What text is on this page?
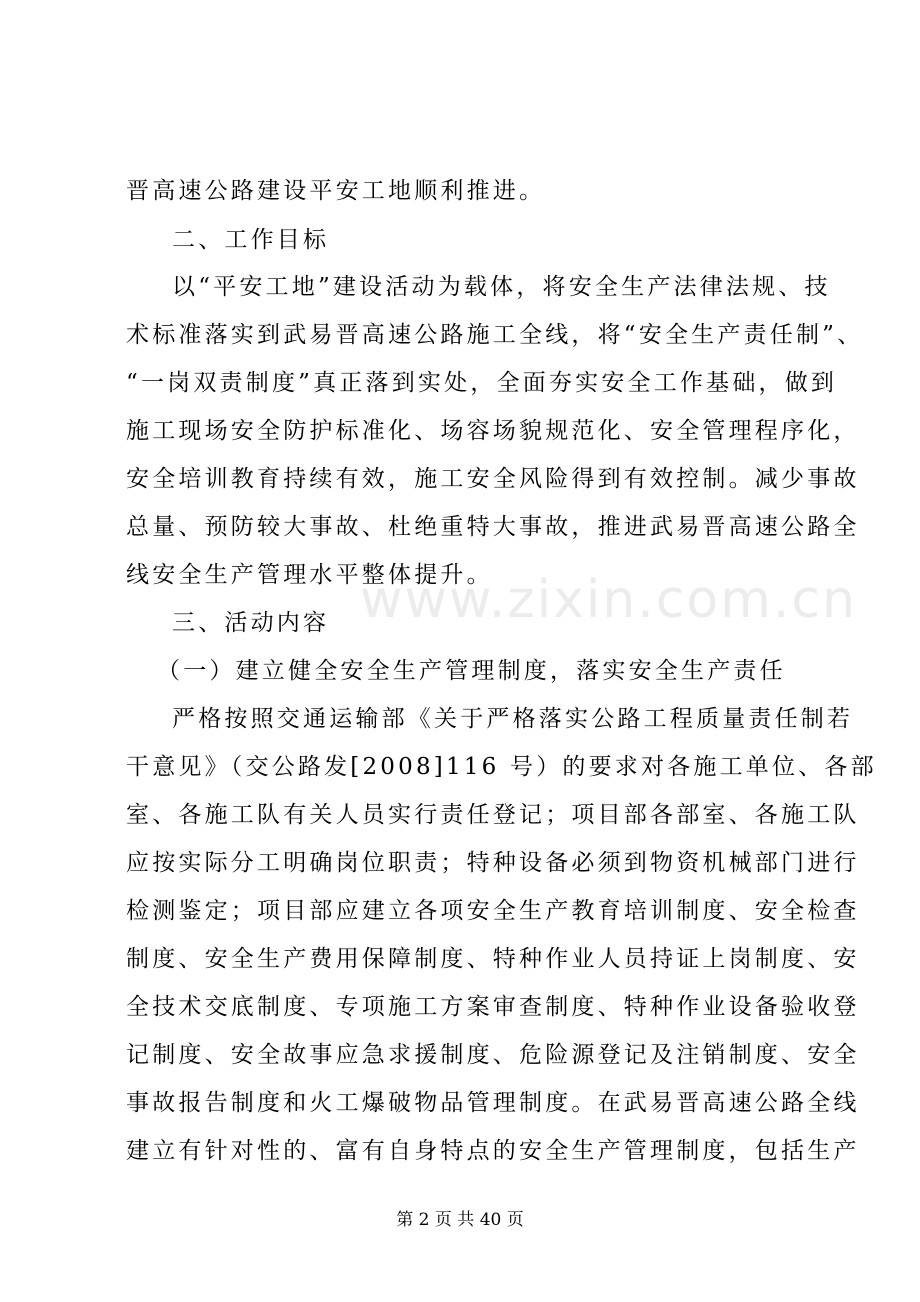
www.zixin.com.cn
晋高速公路建设平安工地顺利推进。
二、工作目标
以“平安工地”建设活动为载体，将安全生产法律法规、技
术标准落实到武易晋高速公路施工全线，将“安全生产责任制”、
“一岗双责制度”真正落到实处，全面夯实安全工作基础，做到
施工现场安全防护标准化、场容场貌规范化、安全管理程序化，
安全培训教育持续有效，施工安全风险得到有效控制。减少事故
总量、预防较大事故、杜绝重特大事故，推进武易晋高速公路全
线安全生产管理水平整体提升。
三、活动内容
（一）建立健全安全生产管理制度，落实安全生产责任
严格按照交通运输部《关于严格落实公路工程质量责任制若
干意见》（交公路发[2008]116 号）的要求对各施工单位、各部
室、各施工队有关人员实行责任登记；项目部各部室、各施工队
应按实际分工明确岗位职责；特种设备必须到物资机械部门进行
检测鉴定；项目部应建立各项安全生产教育培训制度、安全检查
制度、安全生产费用保障制度、特种作业人员持证上岗制度、安
全技术交底制度、专项施工方案审查制度、特种作业设备验收登
记制度、安全故事应急求援制度、危险源登记及注销制度、安全
事故报告制度和火工爆破物品管理制度。在武易晋高速公路全线
建立有针对性的、富有自身特点的安全生产管理制度，包括生产
第 2 页 共 40 页
